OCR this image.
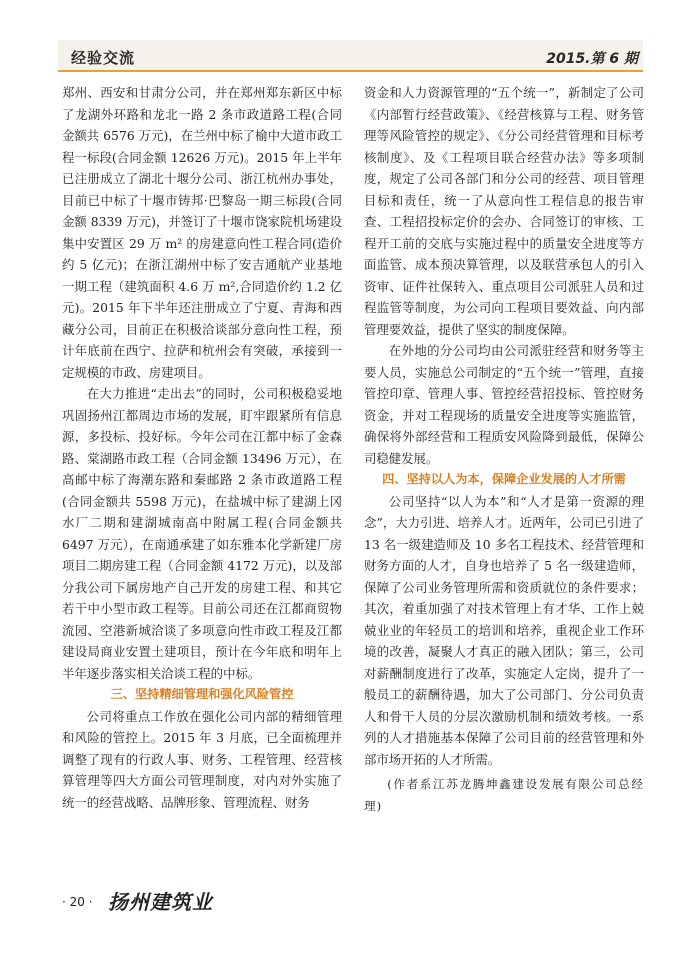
经验交流	2015.第 6 期

郑州、西安和甘肃分公司，并在郑州郑东新区中标了龙湖外环路和龙北一路 2 条市政道路工程(合同金额共 6576 万元)，在兰州中标了榆中大道市政工程一标段(合同金额 12626 万元)。2015 年上半年已注册成立了湖北十堰分公司、浙江杭州办事处，目前已中标了十堰市铸邦·巴黎岛一期三标段(合同金额 8339 万元)，并签订了十堰市饶家院机场建设集中安置区 29 万 m² 的房建意向性工程合同(造价约 5 亿元)；在浙江湖州中标了安吉通航产业基地一期工程（建筑面积 4.6 万 m²,合同造价约 1.2 亿元)。2015 年下半年还注册成立了宁夏、青海和西藏分公司，目前正在积极洽谈部分意向性工程，预计年底前在西宁、拉萨和杭州会有突破，承接到一定规模的市政、房建项目。

在大力推进“走出去”的同时，公司积极稳妥地巩固扬州江都周边市场的发展，盯牢跟紧所有信息源，多投标、投好标。今年公司在江都中标了金森路、棠湖路市政工程（合同金额 13496 万元），在高邮中标了海潮东路和秦邮路 2 条市政道路工程(合同金额共 5598 万元)，在盐城中标了建湖上冈水厂二期和建湖城南高中附属工程(合同金额共 6497 万元），在南通承建了如东雅本化学新建厂房项目二期房建工程（合同金额 4172 万元)，以及部分我公司下属房地产自己开发的房建工程、和其它若干中小型市政工程等。目前公司还在江都商贸物流园、空港新城洽谈了多项意向性市政工程及江都建设局商业安置土建项目，预计在今年底和明年上半年逐步落实相关洽谈工程的中标。

三、坚持精细管理和强化风险管控

公司将重点工作放在强化公司内部的精细管理和风险的管控上。2015 年 3 月底，已全面梳理并调整了现有的行政人事、财务、工程管理、经营核算管理等四大方面公司管理制度，对内对外实施了统一的经营战略、品牌形象、管理流程、财务

资金和人力资源管理的“五个统一”，新制定了公司《内部暂行经营政策》、《经营核算与工程、财务管理等风险管控的规定》、《分公司经营管理和目标考核制度》、及《工程项目联合经营办法》等多项制度，规定了公司各部门和分公司的经营、项目管理目标和责任，统一了从意向性工程信息的报告审查、工程招投标定价的会办、合同签订的审核、工程开工前的交底与实施过程中的质量安全进度等方面监管、成本预决算管理，以及联营承包人的引入资审、证件社保转入、重点项目公司派驻人员和过程监管等制度，为公司向工程项目要效益、向内部管理要效益，提供了坚实的制度保障。

在外地的分公司均由公司派驻经营和财务等主要人员，实施总公司制定的“五个统一”管理，直接管控印章、管理人事、管控经营招投标、管控财务资金，并对工程现场的质量安全进度等实施监管，确保将外部经营和工程质安风险降到最低，保障公司稳健发展。

四、坚持以人为本，保障企业发展的人才所需

公司坚持“以人为本”和“人才是第一资源的理念”，大力引进、培养人才。近两年，公司已引进了 13 名一级建造师及 10 多名工程技术、经营管理和财务方面的人才，自身也培养了 5 名一级建造师，保障了公司业务管理所需和资质就位的条件要求；其次，着重加强了对技术管理上有才华、工作上兢兢业业的年轻员工的培训和培养，重视企业工作环境的改善，凝聚人才真正的融入团队；第三，公司对薪酬制度进行了改革，实施定人定岗，提升了一般员工的薪酬待遇，加大了公司部门、分公司负责人和骨干人员的分层次激励机制和绩效考核。一系列的人才措施基本保障了公司目前的经营管理和外部市场开拓的人才所需。

(作者系江苏龙腾坤鑫建设发展有限公司总经理)

· 20 · 扬州建筑业
